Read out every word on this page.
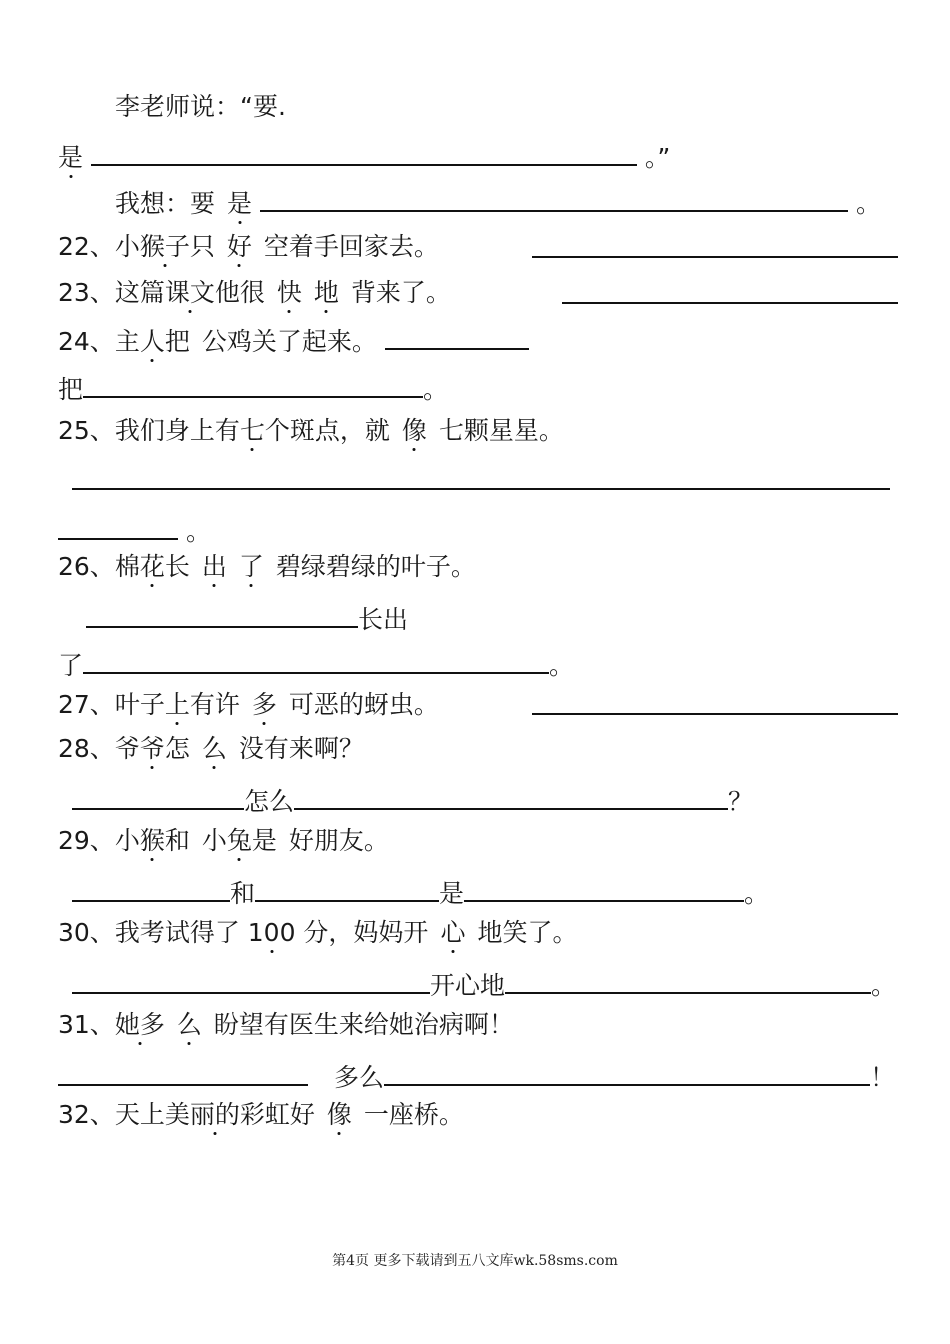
李老师说：“要.
是	。”
我想：要 是	。
22、小猴子只 好 空着手回家去。
23、这篇课文他很 快 地 背来了。
24、主人把 公鸡关了起来。
把	。
25、我们身上有七个斑点，就 像 七颗星星。
。
26、棉花长 出 了 碧绿碧绿的叶子。
长出
了	。
27、叶子上有许 多 可恶的蚜虫。
28、爷爷怎 么 没有来啊？
怎么	？
29、小猴和 小兔是 好朋友。
和	是	。
30、我考试得了 100 分，妈妈开 心 地笑了。
开心地	。
31、她多 么 盼望有医生来给她治病啊！
多么	！
32、天上美丽的彩虹好 像 一座桥。
第4页 更多下载请到五八文库wk.58sms.com
